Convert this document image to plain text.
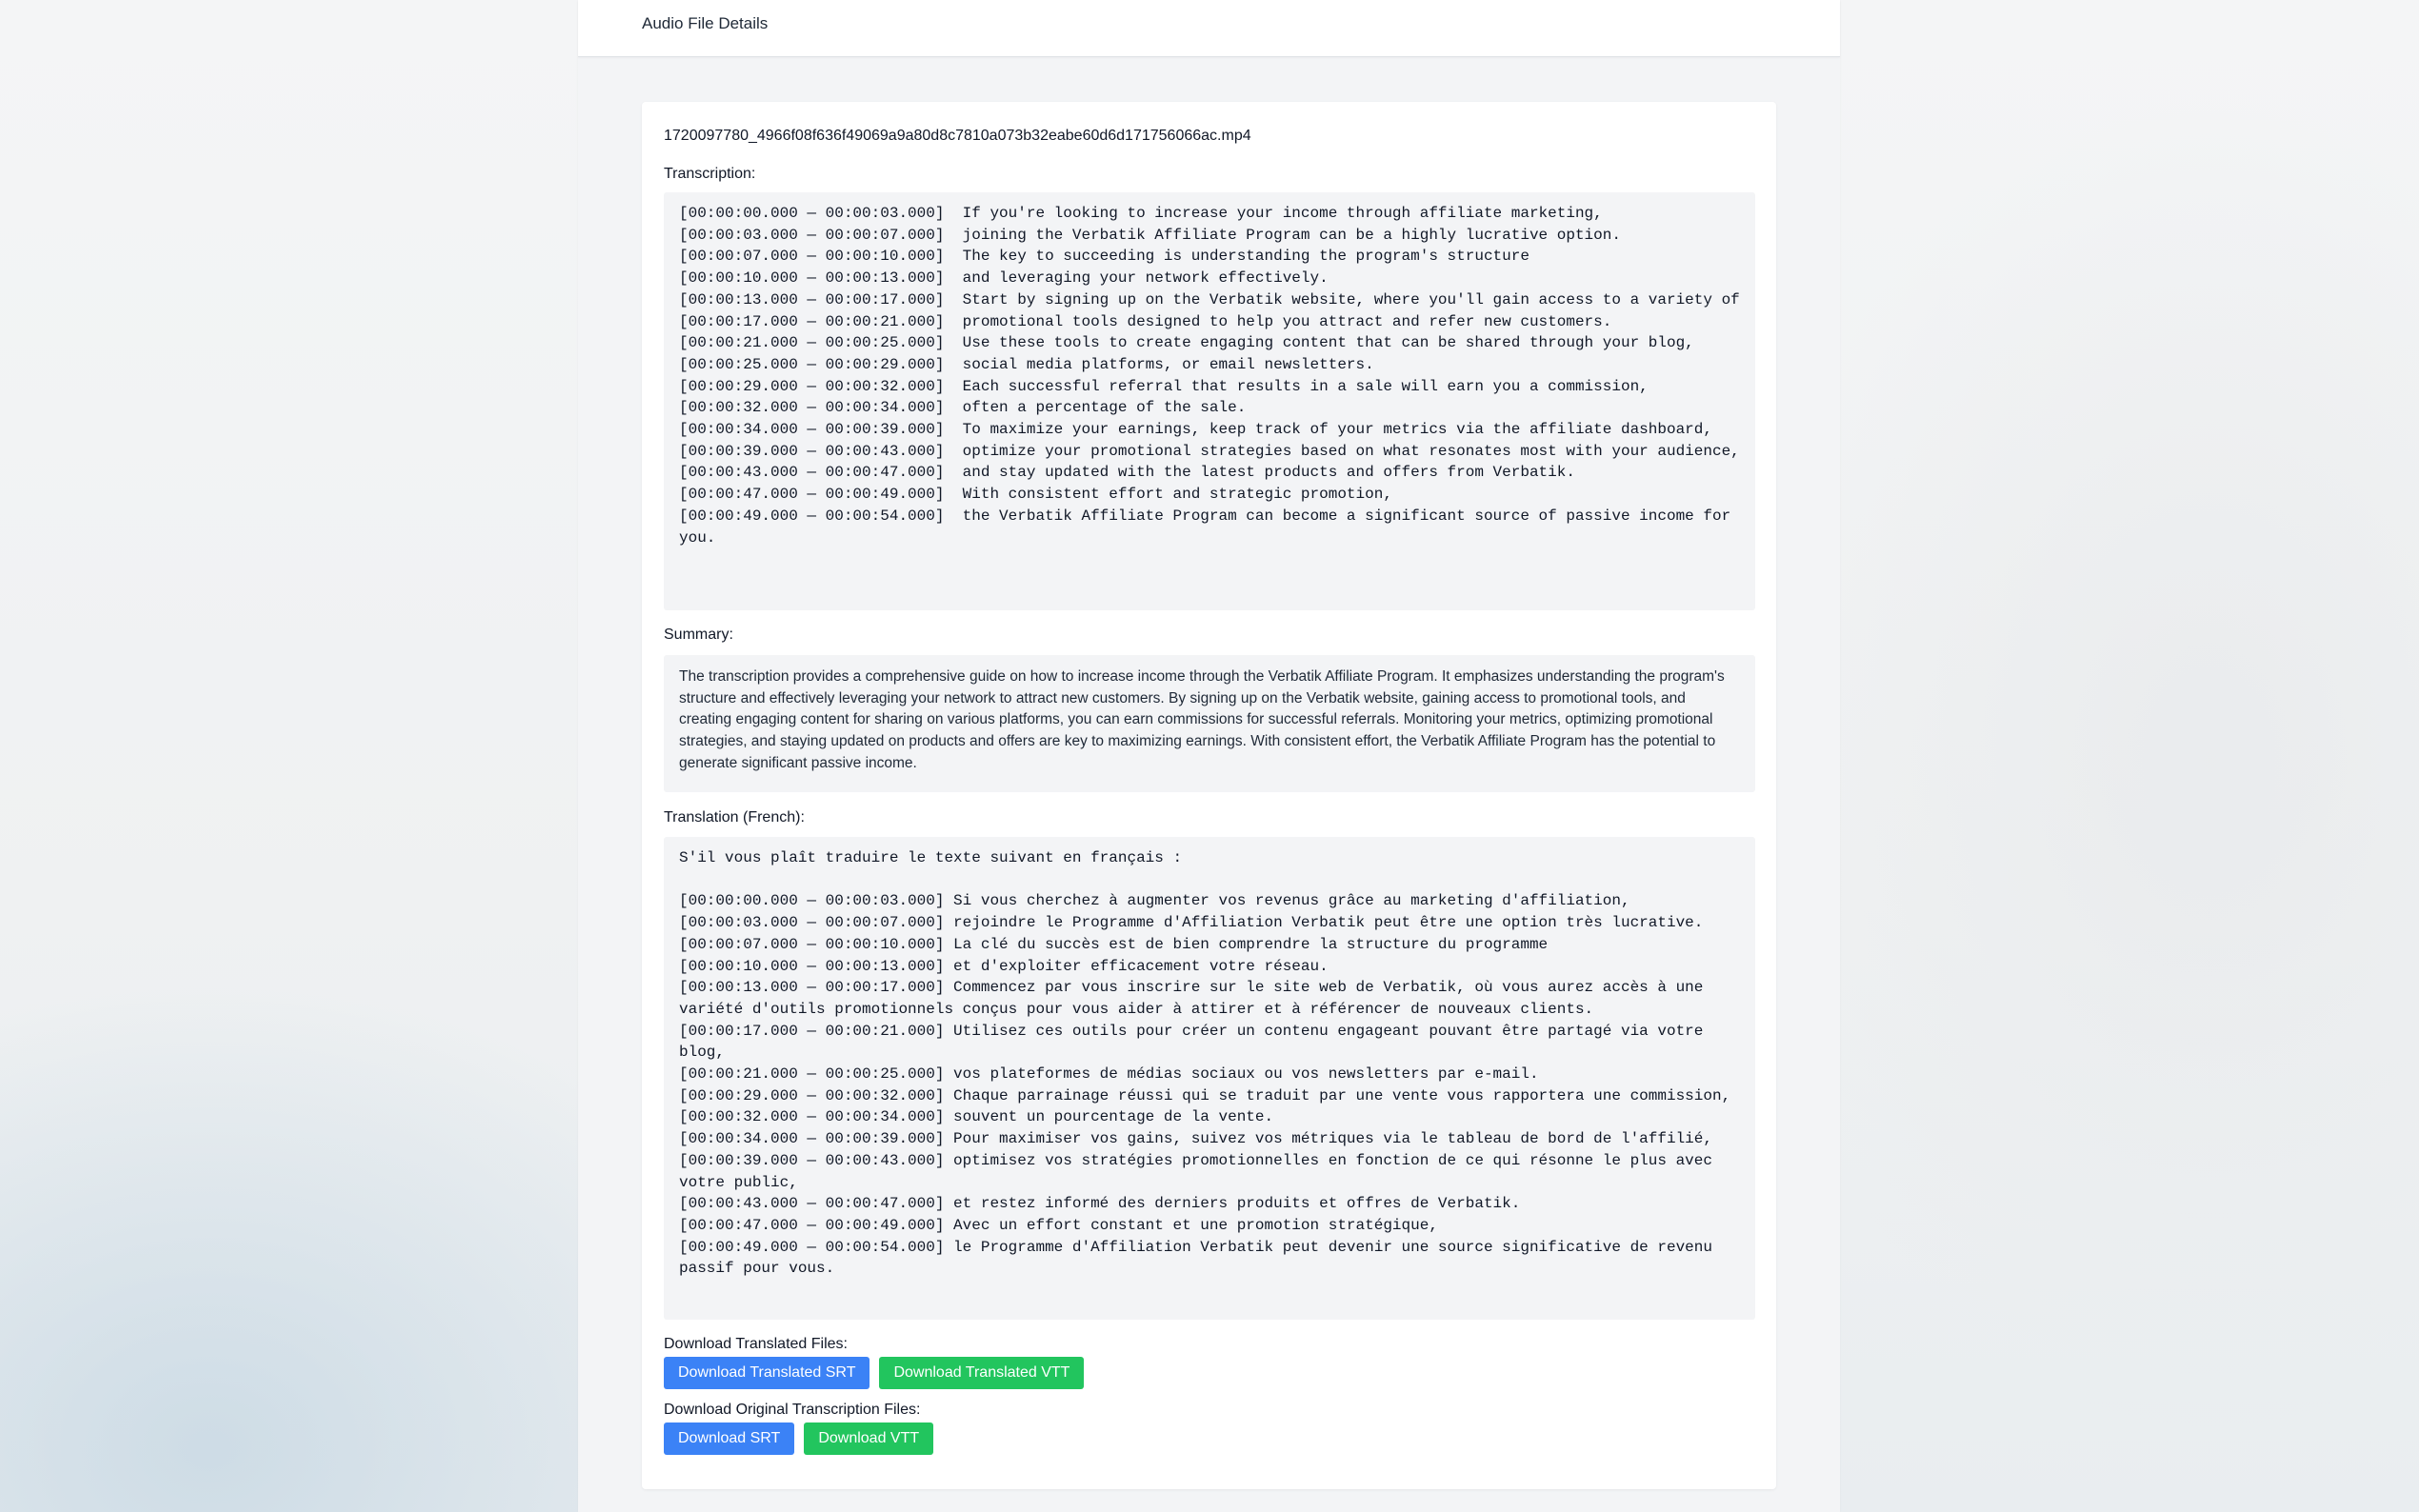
Audio File Details
1720097780_4966f08f636f49069a9a80d8c7810a073b32eabe60d6d171756066ac.mp4
Transcription:
[00:00:00.000 — 00:00:03.000]  If you're looking to increase your income through affiliate marketing,
[00:00:03.000 — 00:00:07.000]  joining the Verbatik Affiliate Program can be a highly lucrative option.
[00:00:07.000 — 00:00:10.000]  The key to succeeding is understanding the program's structure
[00:00:10.000 — 00:00:13.000]  and leveraging your network effectively.
[00:00:13.000 — 00:00:17.000]  Start by signing up on the Verbatik website, where you'll gain access to a variety of
[00:00:17.000 — 00:00:21.000]  promotional tools designed to help you attract and refer new customers.
[00:00:21.000 — 00:00:25.000]  Use these tools to create engaging content that can be shared through your blog,
[00:00:25.000 — 00:00:29.000]  social media platforms, or email newsletters.
[00:00:29.000 — 00:00:32.000]  Each successful referral that results in a sale will earn you a commission,
[00:00:32.000 — 00:00:34.000]  often a percentage of the sale.
[00:00:34.000 — 00:00:39.000]  To maximize your earnings, keep track of your metrics via the affiliate dashboard,
[00:00:39.000 — 00:00:43.000]  optimize your promotional strategies based on what resonates most with your audience,
[00:00:43.000 — 00:00:47.000]  and stay updated with the latest products and offers from Verbatik.
[00:00:47.000 — 00:00:49.000]  With consistent effort and strategic promotion,
[00:00:49.000 — 00:00:54.000]  the Verbatik Affiliate Program can become a significant source of passive income for you.
Summary:
The transcription provides a comprehensive guide on how to increase income through the Verbatik Affiliate Program. It emphasizes understanding the program's structure and effectively leveraging your network to attract new customers. By signing up on the Verbatik website, gaining access to promotional tools, and creating engaging content for sharing on various platforms, you can earn commissions for successful referrals. Monitoring your metrics, optimizing promotional strategies, and staying updated on products and offers are key to maximizing earnings. With consistent effort, the Verbatik Affiliate Program has the potential to generate significant passive income.
Translation (French):
S'il vous plaît traduire le texte suivant en français :
[00:00:00.000 — 00:00:03.000] Si vous cherchez à augmenter vos revenus grâce au marketing d'affiliation,
[00:00:03.000 — 00:00:07.000] rejoindre le Programme d'Affiliation Verbatik peut être une option très lucrative.
[00:00:07.000 — 00:00:10.000] La clé du succès est de bien comprendre la structure du programme
[00:00:10.000 — 00:00:13.000] et d'exploiter efficacement votre réseau.
[00:00:13.000 — 00:00:17.000] Commencez par vous inscrire sur le site web de Verbatik, où vous aurez accès à une variété d'outils promotionnels conçus pour vous aider à attirer et à référencer de nouveaux clients.
[00:00:17.000 — 00:00:21.000] Utilisez ces outils pour créer un contenu engageant pouvant être partagé via votre blog,
[00:00:21.000 — 00:00:25.000] vos plateformes de médias sociaux ou vos newsletters par e-mail.
[00:00:29.000 — 00:00:32.000] Chaque parrainage réussi qui se traduit par une vente vous rapportera une commission,
[00:00:32.000 — 00:00:34.000] souvent un pourcentage de la vente.
[00:00:34.000 — 00:00:39.000] Pour maximiser vos gains, suivez vos métriques via le tableau de bord de l'affilié,
[00:00:39.000 — 00:00:43.000] optimisez vos stratégies promotionnelles en fonction de ce qui résonne le plus avec votre public,
[00:00:43.000 — 00:00:47.000] et restez informé des derniers produits et offres de Verbatik.
[00:00:47.000 — 00:00:49.000] Avec un effort constant et une promotion stratégique,
[00:00:49.000 — 00:00:54.000] le Programme d'Affiliation Verbatik peut devenir une source significative de revenu passif pour vous.
Download Translated Files:
Download Translated SRT	Download Translated VTT
Download Original Transcription Files:
Download SRT	Download VTT
